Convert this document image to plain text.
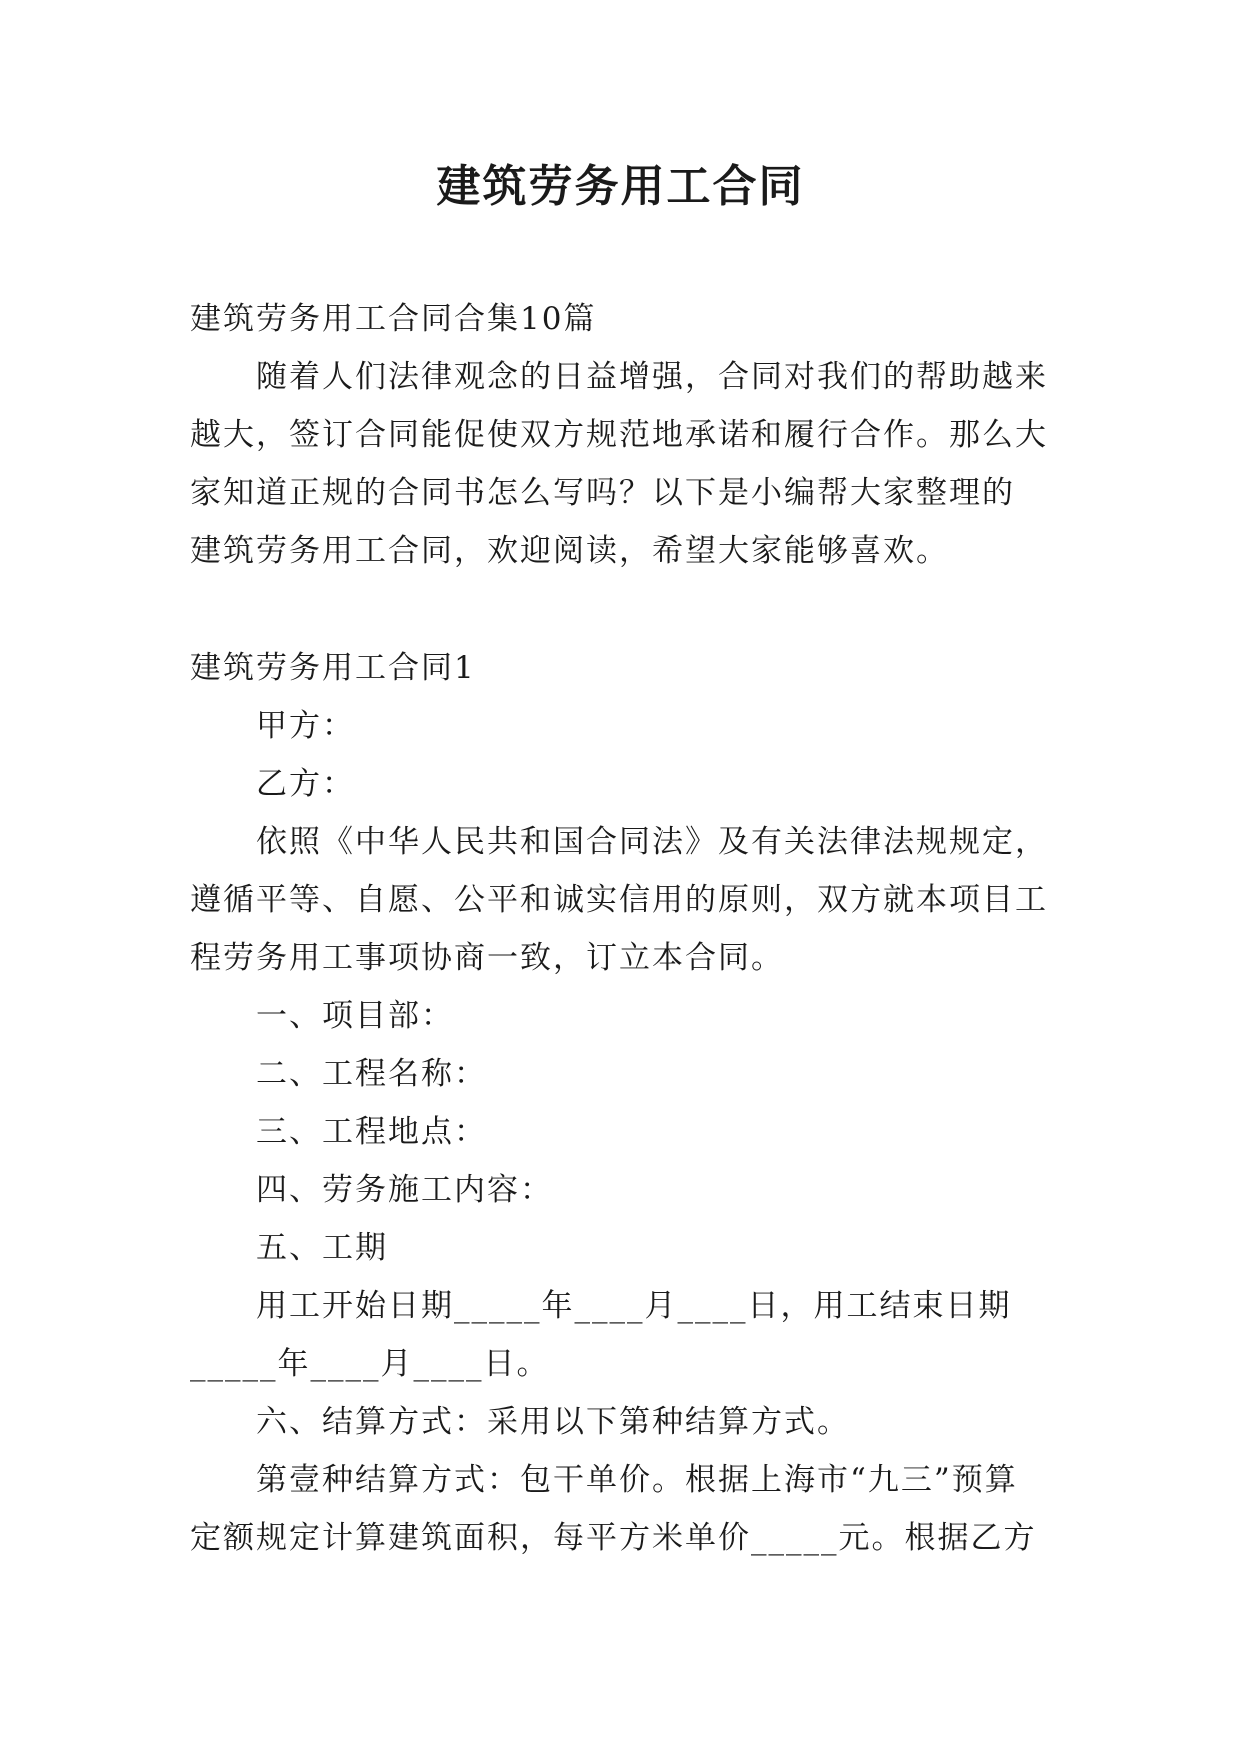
建筑劳务用工合同
建筑劳务用工合同合集10篇
随着人们法律观念的日益增强，合同对我们的帮助越来
越大，签订合同能促使双方规范地承诺和履行合作。那么大
家知道正规的合同书怎么写吗？以下是小编帮大家整理的
建筑劳务用工合同，欢迎阅读，希望大家能够喜欢。
建筑劳务用工合同1
甲方：
乙方：
依照《中华人民共和国合同法》及有关法律法规规定，
遵循平等、自愿、公平和诚实信用的原则，双方就本项目工
程劳务用工事项协商一致，订立本合同。
一、项目部：
二、工程名称：
三、工程地点：
四、劳务施工内容：
五、工期
用工开始日期_____年____月____日，用工结束日期
_____年____月____日。
六、结算方式：采用以下第种结算方式。
第壹种结算方式：包干单价。根据上海市“九三”预算
定额规定计算建筑面积，每平方米单价_____元。根据乙方
